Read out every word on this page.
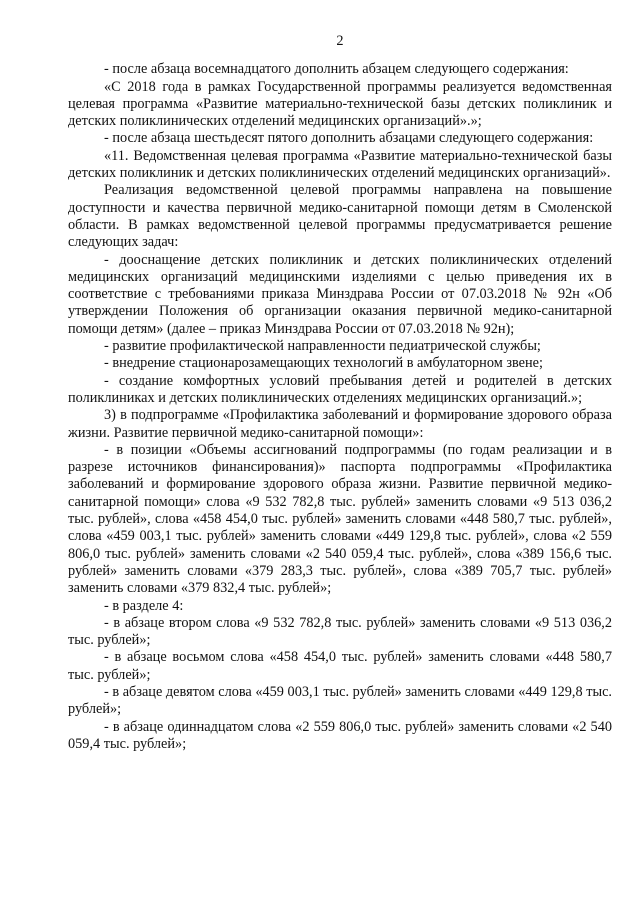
2

- после абзаца восемнадцатого дополнить абзацем следующего содержания:

«С 2018 года в рамках Государственной программы реализуется ведомственная целевая программа «Развитие материально-технической базы детских поликлиник и детских поликлинических отделений медицинских организаций».»;

- после абзаца шестьдесят пятого дополнить абзацами следующего содержания:

«11. Ведомственная целевая программа «Развитие материально-технической базы детских поликлиник и детских поликлинических отделений медицинских организаций».

Реализация ведомственной целевой программы направлена на повышение доступности и качества первичной медико-санитарной помощи детям в Смоленской области. В рамках ведомственной целевой программы предусматривается решение следующих задач:

- дооснащение детских поликлиник и детских поликлинических отделений медицинских организаций медицинскими изделиями с целью приведения их в соответствие с требованиями приказа Минздрава России от 07.03.2018 № 92н «Об утверждении Положения об организации оказания первичной медико-санитарной помощи детям» (далее – приказ Минздрава России от 07.03.2018 № 92н);

- развитие профилактической направленности педиатрической службы;

- внедрение стационарозамещающих технологий в амбулаторном звене;

- создание комфортных условий пребывания детей и родителей в детских поликлиниках и детских поликлинических отделениях медицинских организаций.»;

3) в подпрограмме «Профилактика заболеваний и формирование здорового образа жизни. Развитие первичной медико-санитарной помощи»:

- в позиции «Объемы ассигнований подпрограммы (по годам реализации и в разрезе источников финансирования)» паспорта подпрограммы «Профилактика заболеваний и формирование здорового образа жизни. Развитие первичной медико-санитарной помощи» слова «9 532 782,8 тыс. рублей» заменить словами «9 513 036,2 тыс. рублей», слова «458 454,0 тыс. рублей» заменить словами «448 580,7 тыс. рублей», слова «459 003,1 тыс. рублей» заменить словами «449 129,8 тыс. рублей», слова «2 559 806,0 тыс. рублей» заменить словами «2 540 059,4 тыс. рублей», слова «389 156,6 тыс. рублей» заменить словами «379 283,3 тыс. рублей», слова «389 705,7 тыс. рублей» заменить словами «379 832,4 тыс. рублей»;

- в разделе 4:

- в абзаце втором слова «9 532 782,8 тыс. рублей» заменить словами «9 513 036,2 тыс. рублей»;

- в абзаце восьмом слова «458 454,0 тыс. рублей» заменить словами «448 580,7 тыс. рублей»;

- в абзаце девятом слова «459 003,1 тыс. рублей» заменить словами «449 129,8 тыс. рублей»;

- в абзаце одиннадцатом слова «2 559 806,0 тыс. рублей» заменить словами «2 540 059,4 тыс. рублей»;
